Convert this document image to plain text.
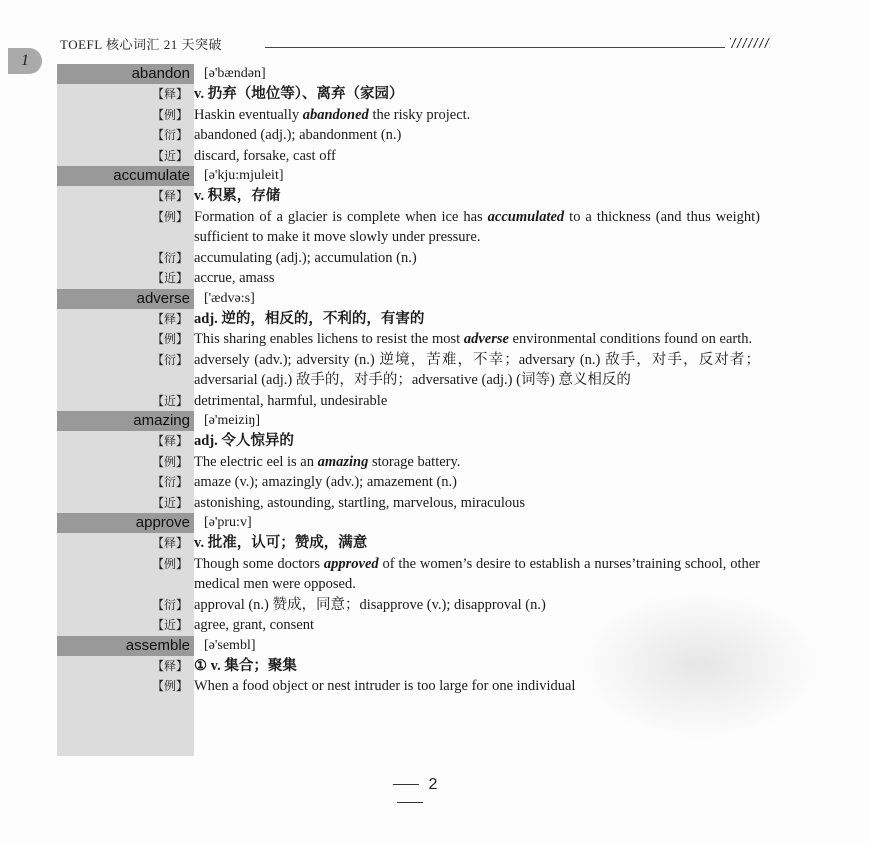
TOEFL 核心词汇 21 天突破
1
abandon [ə'bændən]
【释】 v. 扔弃（地位等）、离弃（家园）
【例】 Haskin eventually abandoned the risky project.
【衍】 abandoned (adj.); abandonment (n.)
【近】 discard, forsake, cast off
accumulate [ə'kju:mjuleit]
【释】 v. 积累，存储
【例】 Formation of a glacier is complete when ice has accumulated to a thickness (and thus weight) sufficient to make it move slowly under pressure.
【衍】 accumulating (adj.); accumulation (n.)
【近】 accrue, amass
adverse ['ædvə:s]
【释】 adj. 逆的，相反的，不利的，有害的
【例】 This sharing enables lichens to resist the most adverse environmental conditions found on earth.
【衍】 adversely (adv.); adversity (n.) 逆境，苦难，不幸；adversary (n.) 敌手，对手，反对者；adversarial (adj.) 敌手的，对手的；adversative (adj.) (词等) 意义相反的
【近】 detrimental, harmful, undesirable
amazing [ə'meiziŋ]
【释】 adj. 令人惊异的
【例】 The electric eel is an amazing storage battery.
【衍】 amaze (v.); amazingly (adv.); amazement (n.)
【近】 astonishing, astounding, startling, marvelous, miraculous
approve [ə'pru:v]
【释】 v. 批准，认可；赞成，满意
【例】 Though some doctors approved of the women’s desire to establish a nurses’training school, other medical men were opposed.
【衍】 approval (n.) 赞成，同意；disapprove (v.); disapproval (n.)
【近】 agree, grant, consent
assemble [ə'sembl]
【释】 ① v. 集合；聚集
【例】 When a food object or nest intruder is too large for one individual
2
